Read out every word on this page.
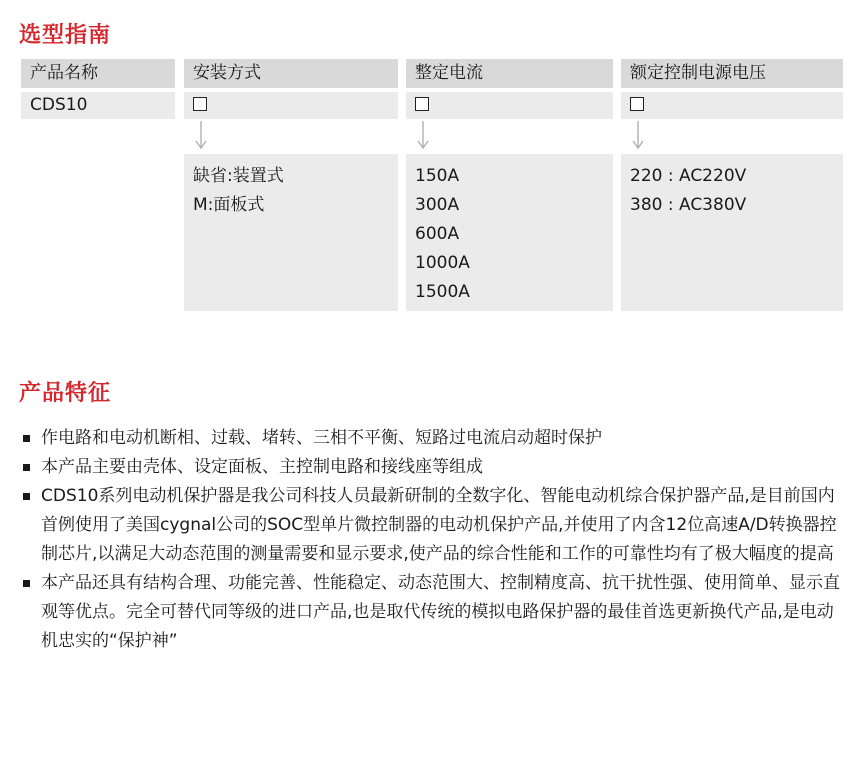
选型指南
产品名称
CDS10
安装方式
缺省:装置式
M:面板式
整定电流
150A
300A
600A
1000A
1500A
额定控制电源电压
220 : AC220V
380 : AC380V
产品特征
作电路和电动机断相、过载、堵转、三相不平衡、短路过电流启动超时保护
本产品主要由壳体、设定面板、主控制电路和接线座等组成
CDS10系列电动机保护器是我公司科技人员最新研制的全数字化、智能电动机综合保护器产品,是目前国内首例使用了美国cygnal公司的SOC型单片微控制器的电动机保护产品,并使用了内含12位高速A/D转换器控制芯片,以满足大动态范围的测量需要和显示要求,使产品的综合性能和工作的可靠性均有了极大幅度的提高
本产品还具有结构合理、功能完善、性能稳定、动态范围大、控制精度高、抗干扰性强、使用简单、显示直观等优点。完全可替代同等级的进口产品,也是取代传统的模拟电路保护器的最佳首选更新换代产品,是电动机忠实的“保护神”
